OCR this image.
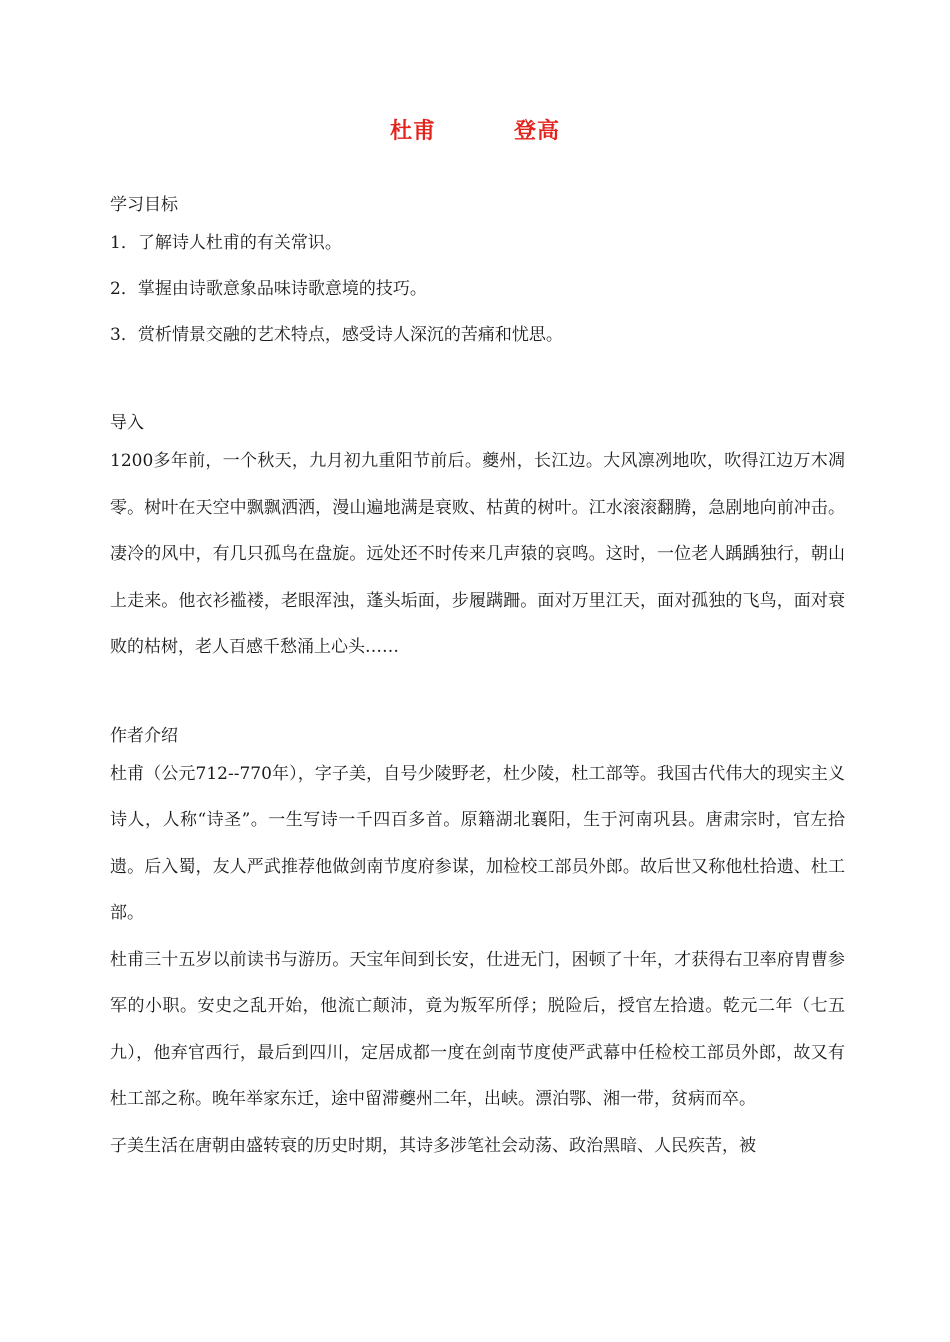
杜甫	登高

学习目标

1．了解诗人杜甫的有关常识。
2．掌握由诗歌意象品味诗歌意境的技巧。
3．赏析情景交融的艺术特点，感受诗人深沉的苦痛和忧思。

导入

1200多年前，一个秋天，九月初九重阳节前后。夔州，长江边。大风凛冽地吹，吹得江边万木凋零。树叶在天空中飘飘洒洒，漫山遍地满是衰败、枯黄的树叶。江水滚滚翻腾，急剧地向前冲击。凄冷的风中，有几只孤鸟在盘旋。远处还不时传来几声猿的哀鸣。这时，一位老人踽踽独行，朝山上走来。他衣衫褴褛，老眼浑浊，蓬头垢面，步履蹒跚。面对万里江天，面对孤独的飞鸟，面对衰败的枯树，老人百感千愁涌上心头……

作者介绍

杜甫（公元712--770年），字子美，自号少陵野老，杜少陵，杜工部等。我国古代伟大的现实主义诗人，人称“诗圣”。一生写诗一千四百多首。原籍湖北襄阳，生于河南巩县。唐肃宗时，官左拾遗。后入蜀，友人严武推荐他做剑南节度府参谋，加检校工部员外郎。故后世又称他杜拾遗、杜工部。

杜甫三十五岁以前读书与游历。天宝年间到长安，仕进无门，困顿了十年，才获得右卫率府胄曹参军的小职。安史之乱开始，他流亡颠沛，竟为叛军所俘；脱险后，授官左拾遗。乾元二年（七五九），他弃官西行，最后到四川，定居成都一度在剑南节度使严武幕中任检校工部员外郎，故又有杜工部之称。晚年举家东迁，途中留滞夔州二年，出峡。漂泊鄂、湘一带，贫病而卒。

子美生活在唐朝由盛转衰的历史时期，其诗多涉笔社会动荡、政治黑暗、人民疾苦，被
